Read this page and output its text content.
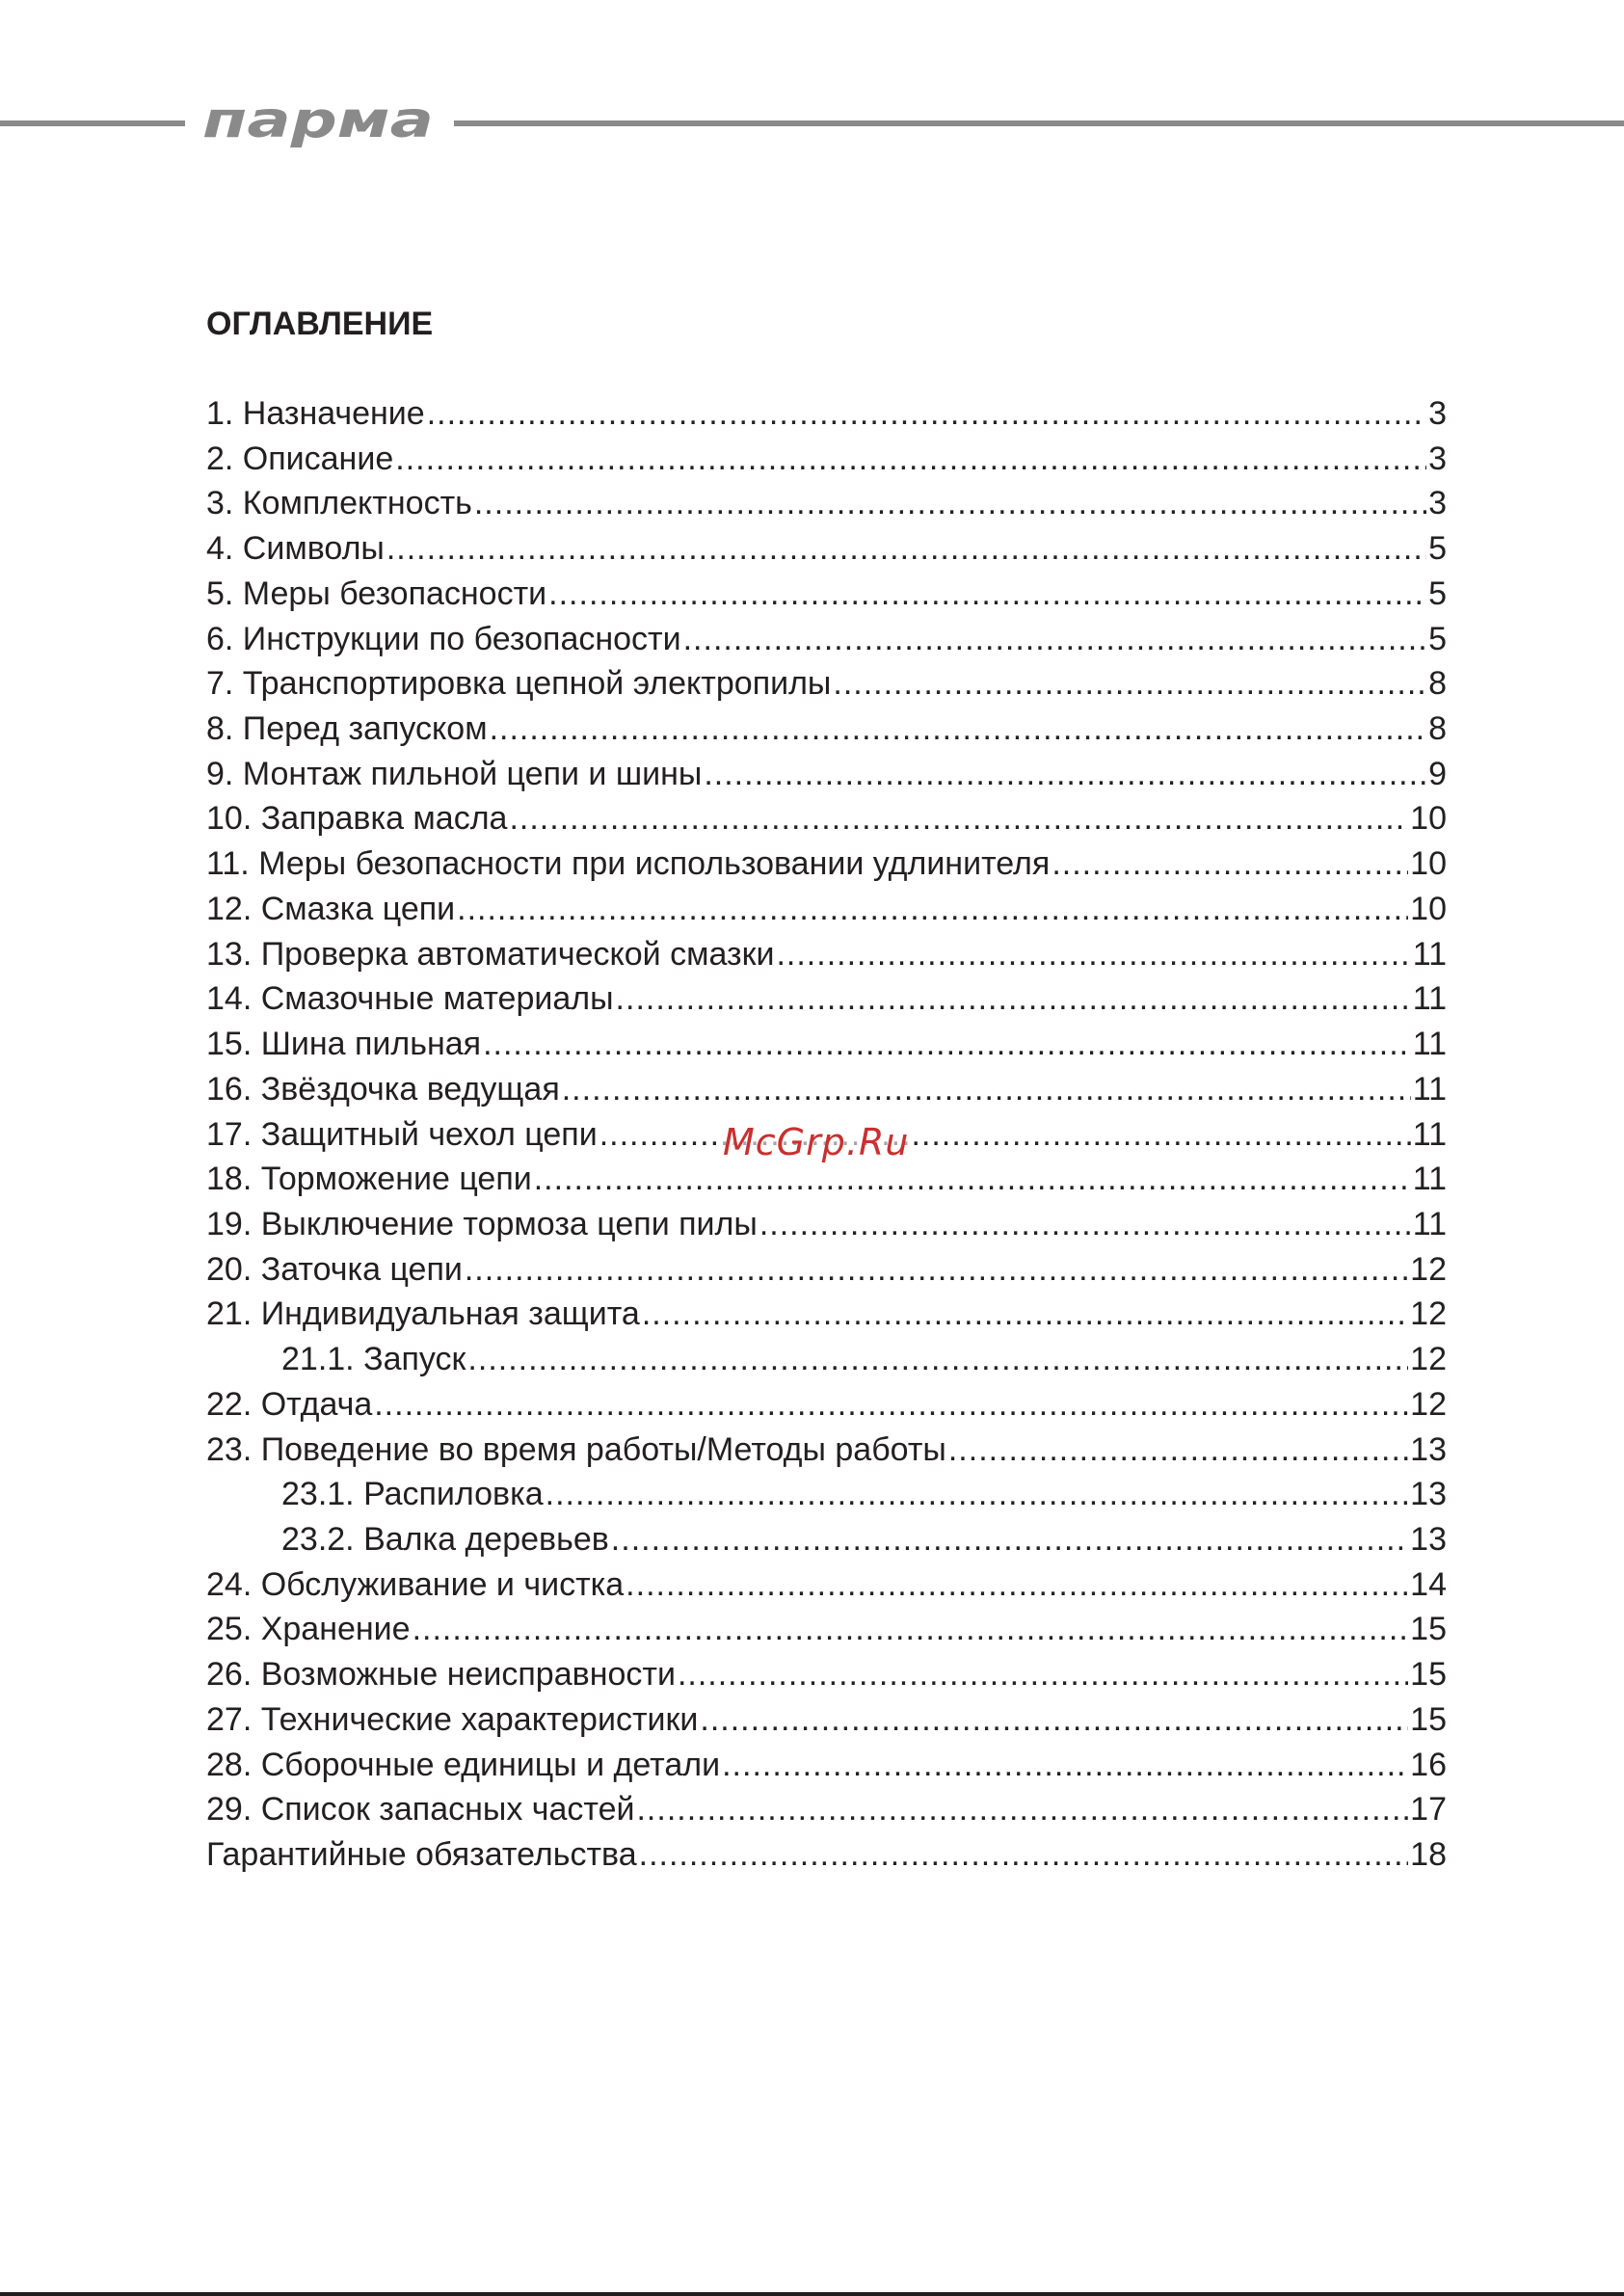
парма
ОГЛАВЛЕНИЕ
1. Назначение .....	3
2. Описание .....	3
3. Комплектность .....	3
4. Символы .....	5
5. Меры безопасности .....	5
6. Инструкции по безопасности .....	5
7. Транспортировка цепной электропилы .....	8
8. Перед запуском .....	8
9. Монтаж пильной цепи и шины .....	9
10. Заправка масла .....	10
11. Меры безопасности при использовании удлинителя .....	10
12. Смазка цепи .....	10
13. Проверка автоматической смазки .....	11
14. Смазочные материалы .....	11
15. Шина пильная .....	11
16. Звёздочка ведущая .....	11
17. Защитный чехол цепи .....	11
18. Торможение цепи .....	11
19. Выключение тормоза цепи пилы .....	11
20. Заточка цепи .....	12
21. Индивидуальная защита .....	12
21.1. Запуск .....	12
22. Отдача .....	12
23. Поведение во время работы/Методы работы .....	13
23.1. Распиловка .....	13
23.2. Валка деревьев .....	13
24. Обслуживание и чистка .....	14
25. Хранение .....	15
26. Возможные неисправности .....	15
27. Технические характеристики .....	15
28. Сборочные единицы и детали .....	16
29. Список запасных частей .....	17
Гарантийные обязательства .....	18
McGrp.Ru
